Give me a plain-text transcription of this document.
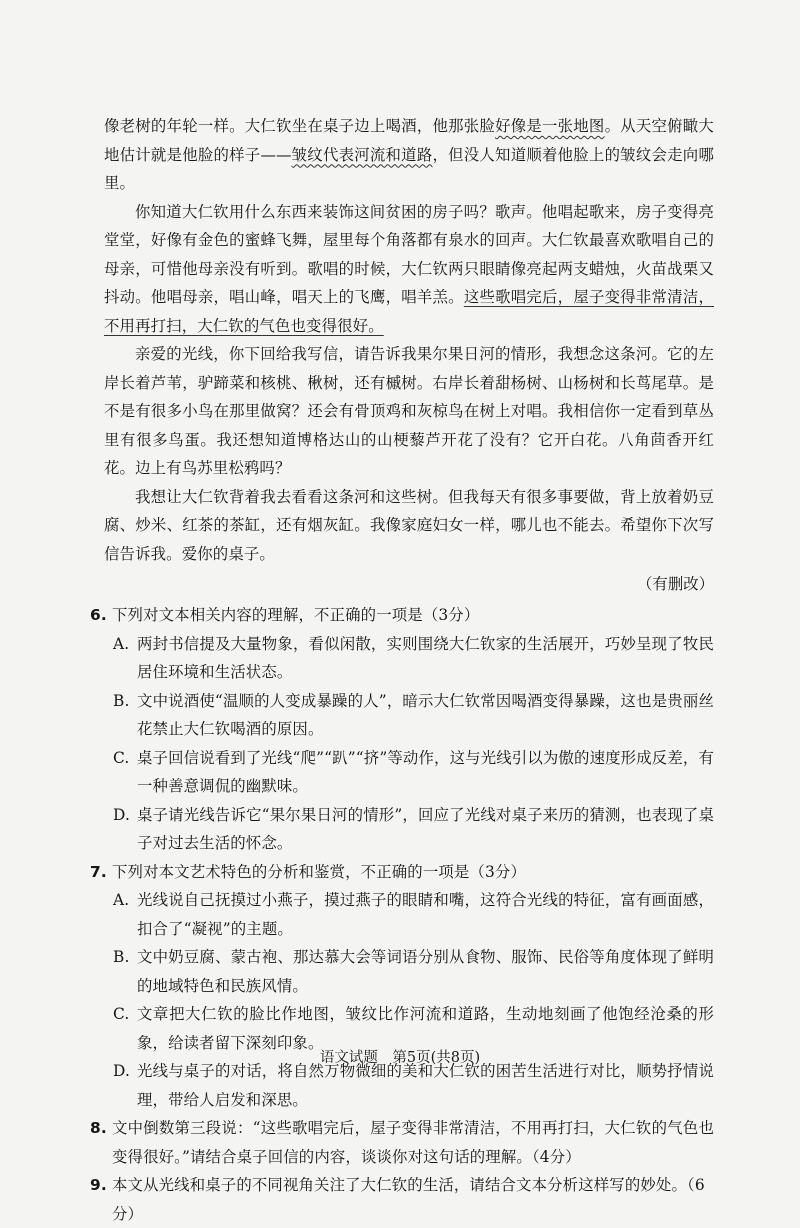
像老树的年轮一样。大仁钦坐在桌子边上喝酒，他那张脸好像是一张地图。从天空俯瞰大地估计就是他脸的样子——皱纹代表河流和道路，但没人知道顺着他脸上的皱纹会走向哪里。

你知道大仁钦用什么东西来装饰这间贫困的房子吗？歌声。他唱起歌来，房子变得亮堂堂，好像有金色的蜜蜂飞舞，屋里每个角落都有泉水的回声。大仁钦最喜欢歌唱自己的母亲，可惜他母亲没有听到。歌唱的时候，大仁钦两只眼睛像亮起两支蜡烛，火苗战栗又抖动。他唱母亲，唱山峰，唱天上的飞鹰，唱羊羔。这些歌唱完后，屋子变得非常清洁，不用再打扫，大仁钦的气色也变得很好。

亲爱的光线，你下回给我写信，请告诉我果尔果日河的情形，我想念这条河。它的左岸长着芦苇，驴蹄菜和核桃、楸树，还有槭树。右岸长着甜杨树、山杨树和长茑尾草。是不是有很多小鸟在那里做窝？还会有骨顶鸡和灰椋鸟在树上对唱。我相信你一定看到草丛里有很多鸟蛋。我还想知道博格达山的山梗藜芦开花了没有？它开白花。八角茴香开红花。边上有鸟苏里松鸦吗？

我想让大仁钦背着我去看看这条河和这些树。但我每天有很多事要做，背上放着奶豆腐、炒米、红茶的茶缸，还有烟灰缸。我像家庭妇女一样，哪儿也不能去。希望你下次写信告诉我。爱你的桌子。

（有删改）

6. 下列对文本相关内容的理解，不正确的一项是（3分）

A. 两封书信提及大量物象，看似闲散，实则围绕大仁钦家的生活展开，巧妙呈现了牧民居住环境和生活状态。

B. 文中说酒使“温顺的人变成暴躁的人”，暗示大仁钦常因喝酒变得暴躁，这也是贵丽丝花禁止大仁钦喝酒的原因。

C. 桌子回信说看到了光线“爬”“趴”“挤”等动作，这与光线引以为傲的速度形成反差，有一种善意调侃的幽默味。

D. 桌子请光线告诉它“果尔果日河的情形”，回应了光线对桌子来历的猜测，也表现了桌子对过去生活的怀念。

7. 下列对本文艺术特色的分析和鉴赏，不正确的一项是（3分）

A. 光线说自己抚摸过小燕子，摸过燕子的眼睛和嘴，这符合光线的特征，富有画面感，扣合了“凝视”的主题。

B. 文中奶豆腐、蒙古袍、那达慕大会等词语分别从食物、服饰、民俗等角度体现了鲜明的地域特色和民族风情。

C. 文章把大仁钦的脸比作地图，皱纹比作河流和道路，生动地刻画了他饱经沧桑的形象，给读者留下深刻印象。

D. 光线与桌子的对话，将自然万物微细的美和大仁钦的困苦生活进行对比，顺势抒情说理，带给人启发和深思。

8. 文中倒数第三段说：“这些歌唱完后，屋子变得非常清洁，不用再打扫，大仁钦的气色也变得很好。”请结合桌子回信的内容，谈谈你对这句话的理解。（4分）

9. 本文从光线和桌子的不同视角关注了大仁钦的生活，请结合文本分析这样写的妙处。（6分）

语文试题　第5页(共8页)
